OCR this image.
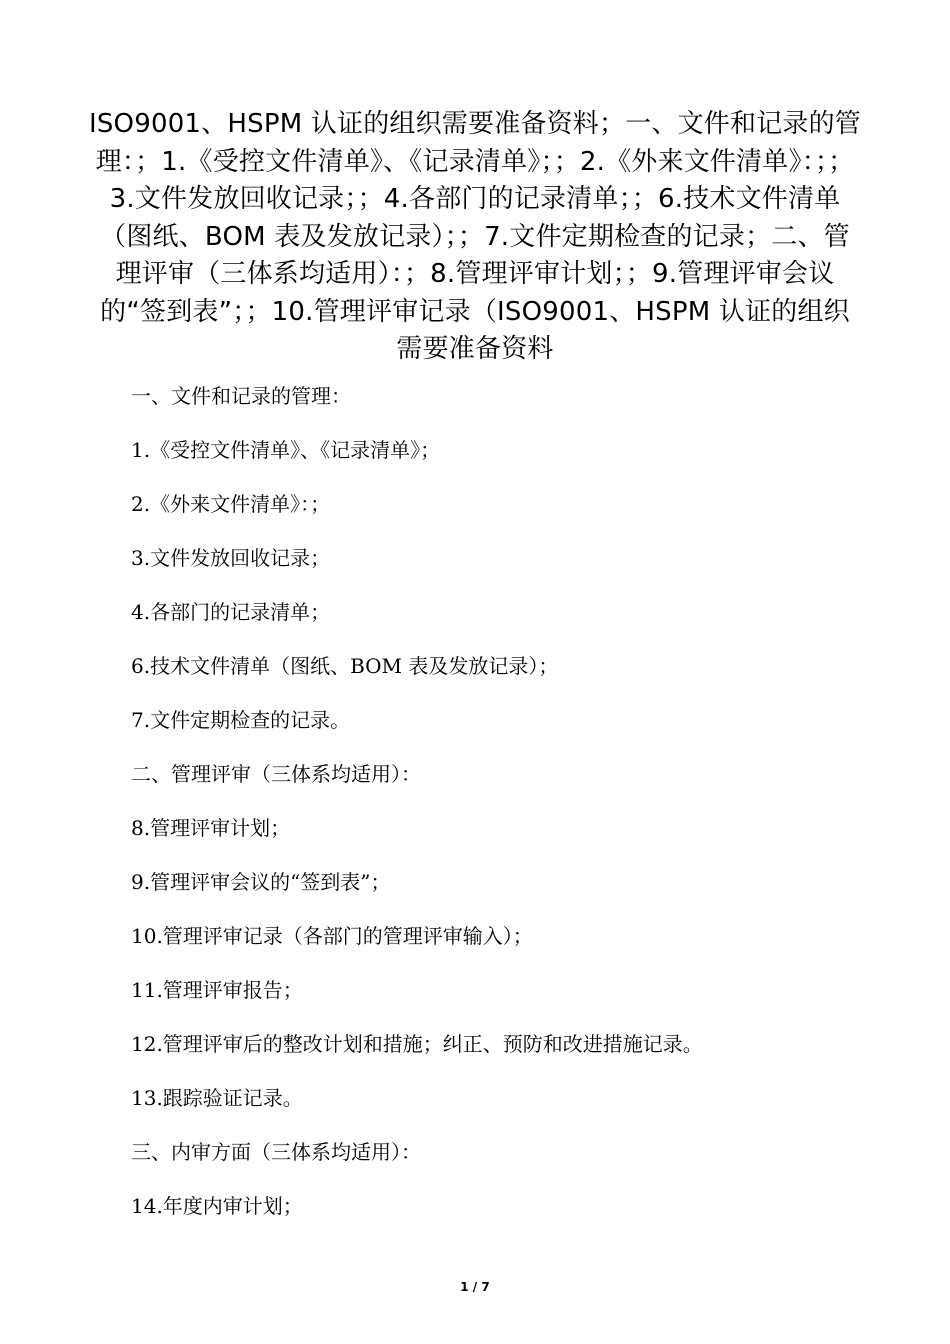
ISO9001、HSPM 认证的组织需要准备资料；一、文件和记录的管理：；1.《受控文件清单》、《记录清单》；；2.《外来文件清单》：；；3.文件发放回收记录；；4.各部门的记录清单；；6.技术文件清单（图纸、BOM 表及发放记录）；；7.文件定期检查的记录；二、管理评审（三体系均适用）：；8.管理评审计划；；9.管理评审会议的“签到表”；；10.管理评审记录（ISO9001、HSPM 认证的组织需要准备资料
一、文件和记录的管理：
1.《受控文件清单》、《记录清单》；
2.《外来文件清单》：；
3.文件发放回收记录；
4.各部门的记录清单；
6.技术文件清单（图纸、BOM 表及发放记录）；
7.文件定期检查的记录。
二、管理评审（三体系均适用）：
8.管理评审计划；
9.管理评审会议的“签到表”；
10.管理评审记录（各部门的管理评审输入）；
11.管理评审报告；
12.管理评审后的整改计划和措施；纠正、预防和改进措施记录。
13.跟踪验证记录。
三、内审方面（三体系均适用）：
14.年度内审计划；
1 / 7
